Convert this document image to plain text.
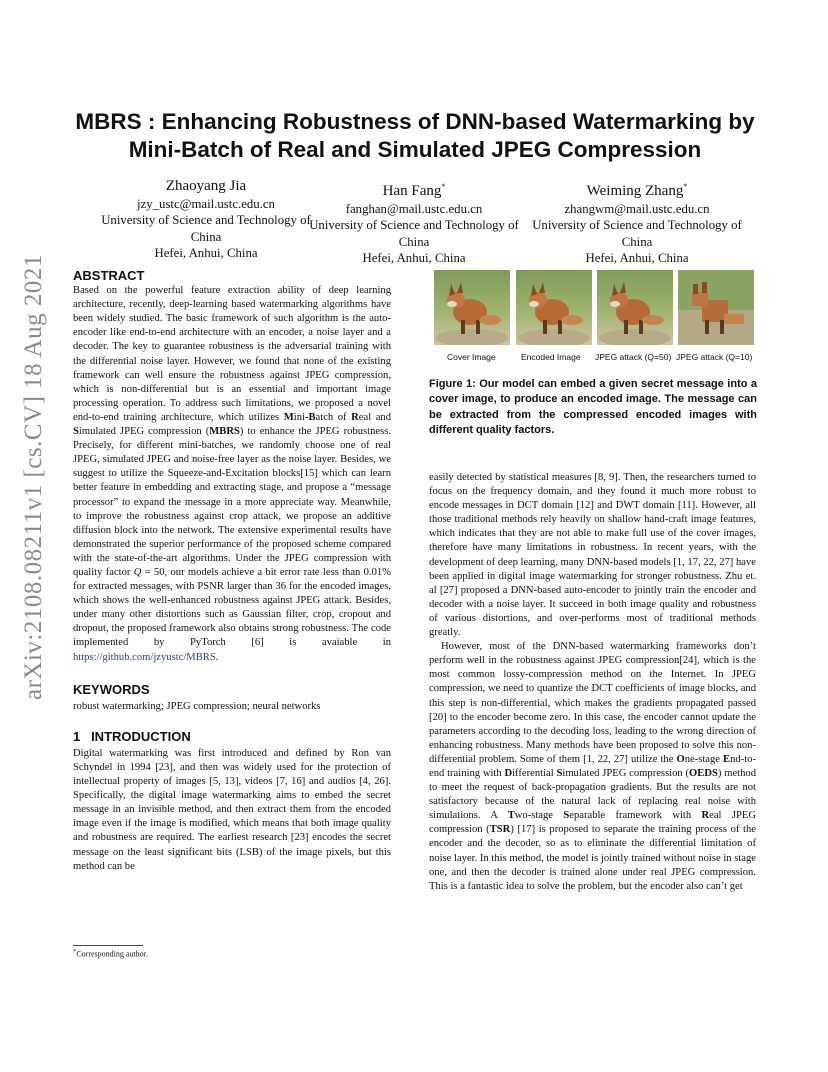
arXiv:2108.08211v1 [cs.CV] 18 Aug 2021
MBRS : Enhancing Robustness of DNN-based Watermarking by Mini-Batch of Real and Simulated JPEG Compression
Zhaoyang Jia
jzy_ustc@mail.ustc.edu.cn
University of Science and Technology of China
Hefei, Anhui, China
Han Fang*
fanghan@mail.ustc.edu.cn
University of Science and Technology of China
Hefei, Anhui, China
Weiming Zhang*
zhangwm@mail.ustc.edu.cn
University of Science and Technology of China
Hefei, Anhui, China

ABSTRACT

Based on the powerful feature extraction ability of deep learning architecture, recently, deep-learning based watermarking algorithms have been widely studied. The basic framework of such algorithm is the auto-encoder like end-to-end architecture with an encoder, a noise layer and a decoder. The key to guarantee robustness is the adversarial training with the differential noise layer. However, we found that none of the existing framework can well ensure the robustness against JPEG compression, which is non-differential but is an essential and important image processing operation. To address such limitations, we proposed a novel end-to-end training architecture, which utilizes Mini-Batch of Real and Simulated JPEG compression (MBRS) to enhance the JPEG robustness. Precisely, for different mini-batches, we randomly choose one of real JPEG, simulated JPEG and noise-free layer as the noise layer. Besides, we suggest to utilize the Squeeze-and-Excitation blocks[15] which can learn better feature in embedding and extracting stage, and propose a “message processor” to expand the message in a more appreciate way. Meanwhile, to improve the robustness against crop attack, we propose an additive diffusion block into the network. The extensive experimental results have demonstrated the superior performance of the proposed scheme compared with the state-of-the-art algorithms. Under the JPEG compression with quality factor Q = 50, our models achieve a bit error rate less than 0.01% for extracted messages, with PSNR larger than 36 for the encoded images, which shows the well-enhanced robustness against JPEG attack. Besides, under many other distortions such as Gaussian filter, crop, cropout and dropout, the proposed framework also obtains strong robustness. The code implemented by PyTorch [6] is avaiable in https://github.com/jzyustc/MBRS.

KEYWORDS

robust watermarking; JPEG compression; neural networks

1   INTRODUCTION

Digital watermarking was first introduced and defined by Ron van Schyndel in 1994 [23], and then was widely used for the protection of intellectual property of images [5, 13], videos [7, 16] and audios [4, 26]. Specifically, the digital image watermarking aims to embed the secret message in an invisible method, and then extract them from the encoded image even if the image is modified, which means that both image quality and robustness are required. The earliest research [23] encodes the secret message on the least significant bits (LSB) of the image pixels, but this method can be

*Corresponding author.
Cover Image	Encoded Image JPEG attack (Q=50) JPEG attack (Q=10)
Figure 1: Our model can embed a given secret message into a cover image, to produce an encoded image. The message can be extracted from the compressed encoded images with different quality factors.

easily detected by statistical measures [8, 9]. Then, the researchers turned to focus on the frequency domain, and they found it much more robust to encode messages in DCT domain [12] and DWT domain [11]. However, all those traditional methods rely heavily on shallow hand-craft image features, which indicates that they are not able to make full use of the cover images, therefore have many limitations in robustness. In recent years, with the development of deep learning, many DNN-based models [1, 17, 22, 27] have been applied in digital image watermarking for stronger robustness. Zhu et. al [27] proposed a DNN-based auto-encoder to jointly train the encoder and decoder with a noise layer. It succeed in both image quality and robustness of various distortions, and over-performs most of traditional methods greatly.

However, most of the DNN-based watermarking frameworks don’t perform well in the robustness against JPEG compression[24], which is the most common lossy-compression method on the Internet. In JPEG compression, we need to quantize the DCT coefficients of image blocks, and this step is non-differential, which makes the gradients propagated passed [20] to the encoder become zero. In this case, the encoder cannot update the parameters according to the decoding loss, leading to the wrong direction of enhancing robustness. Many methods have been proposed to solve this non-differential problem. Some of them [1, 22, 27] utilize the One-stage End-to-end training with Differential Simulated JPEG compression (OEDS) method to meet the request of back-propagation gradients. But the results are not satisfactory because of the natural lack of replacing real noise with simulations. A Two-stage Separable framework with Real JPEG compression (TSR) [17] is proposed to separate the training process of the encoder and the decoder, so as to eliminate the differential limitation of noise layer. In this method, the model is jointly trained without noise in stage one, and then the decoder is trained alone under real JPEG compression. This is a fantastic idea to solve the problem, but the encoder also can’t get
